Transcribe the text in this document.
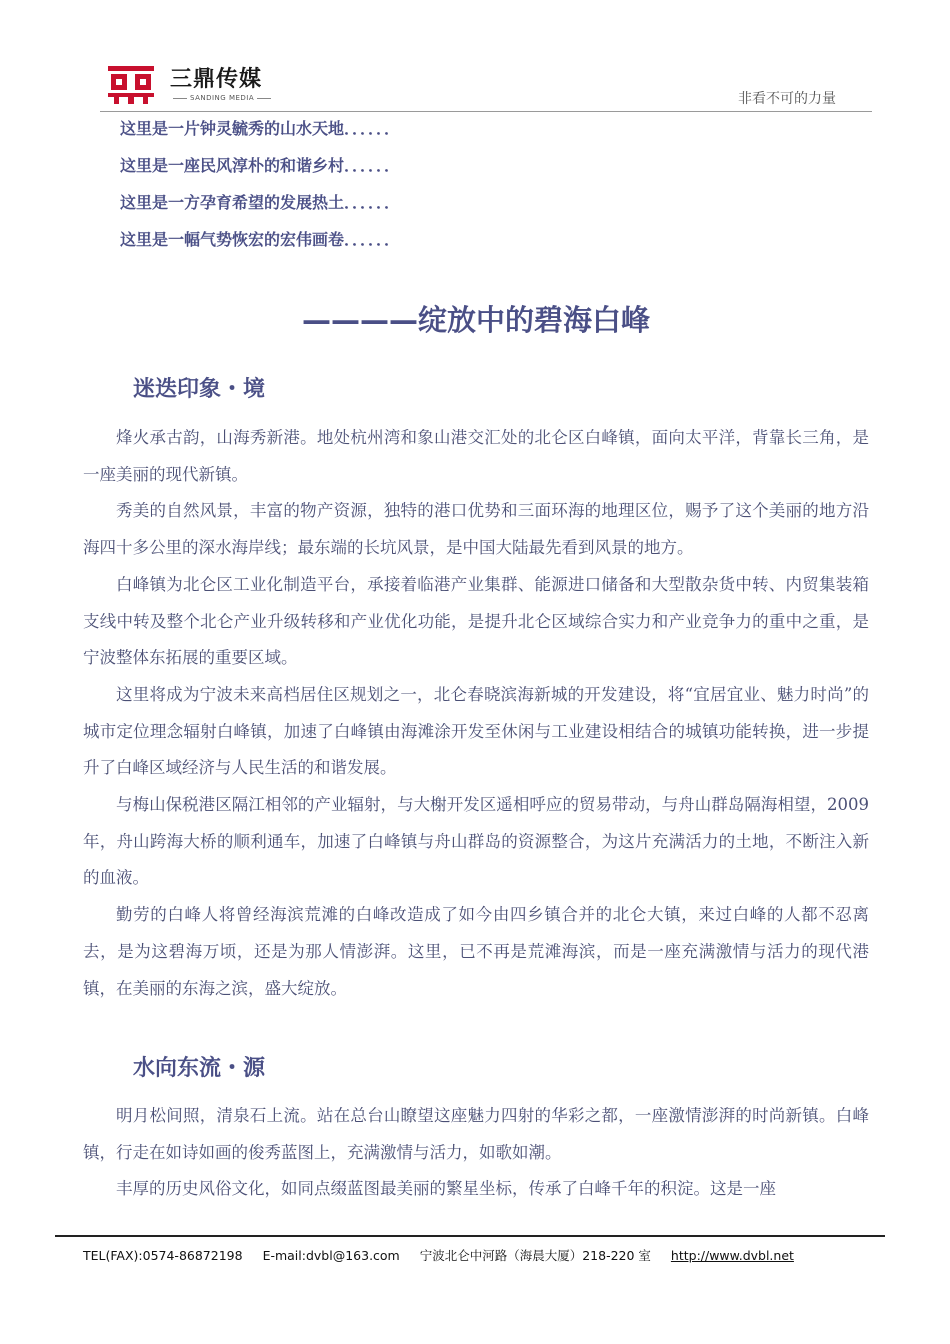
三鼎传媒
SANDING MEDIA	非看不可的力量
这里是一片钟灵毓秀的山水天地．．．．．．
这里是一座民风淳朴的和谐乡村．．．．．．
这里是一方孕育希望的发展热土．．．．．．
这里是一幅气势恢宏的宏伟画卷．．．．．．
————绽放中的碧海白峰
迷迭印象・境

烽火承古韵，山海秀新港。地处杭州湾和象山港交汇处的北仑区白峰镇，面向太平洋，背靠长三角，是一座美丽的现代新镇。

秀美的自然风景，丰富的物产资源，独特的港口优势和三面环海的地理区位，赐予了这个美丽的地方沿海四十多公里的深水海岸线；最东端的长坑风景，是中国大陆最先看到风景的地方。

白峰镇为北仑区工业化制造平台，承接着临港产业集群、能源进口储备和大型散杂货中转、内贸集装箱支线中转及整个北仑产业升级转移和产业优化功能，是提升北仑区域综合实力和产业竞争力的重中之重，是宁波整体东拓展的重要区域。

这里将成为宁波未来高档居住区规划之一，北仑春晓滨海新城的开发建设，将“宜居宜业、魅力时尚”的城市定位理念辐射白峰镇，加速了白峰镇由海滩涂开发至休闲与工业建设相结合的城镇功能转换，进一步提升了白峰区域经济与人民生活的和谐发展。

与梅山保税港区隔江相邻的产业辐射，与大榭开发区遥相呼应的贸易带动，与舟山群岛隔海相望，2009年，舟山跨海大桥的顺利通车，加速了白峰镇与舟山群岛的资源整合，为这片充满活力的土地，不断注入新的血液。

勤劳的白峰人将曾经海滨荒滩的白峰改造成了如今由四乡镇合并的北仑大镇，来过白峰的人都不忍离去，是为这碧海万顷，还是为那人情澎湃。这里，已不再是荒滩海滨，而是一座充满激情与活力的现代港镇，在美丽的东海之滨，盛大绽放。

水向东流・源

明月松间照，清泉石上流。站在总台山瞭望这座魅力四射的华彩之都，一座激情澎湃的时尚新镇。白峰镇，行走在如诗如画的俊秀蓝图上，充满激情与活力，如歌如潮。

丰厚的历史风俗文化，如同点缀蓝图最美丽的繁星坐标，传承了白峰千年的积淀。这是一座

TEL(FAX):0574-86872198 E-mail:dvbl@163.com 宁波北仑中河路（海晨大厦）218-220 室 http://www.dvbl.net
